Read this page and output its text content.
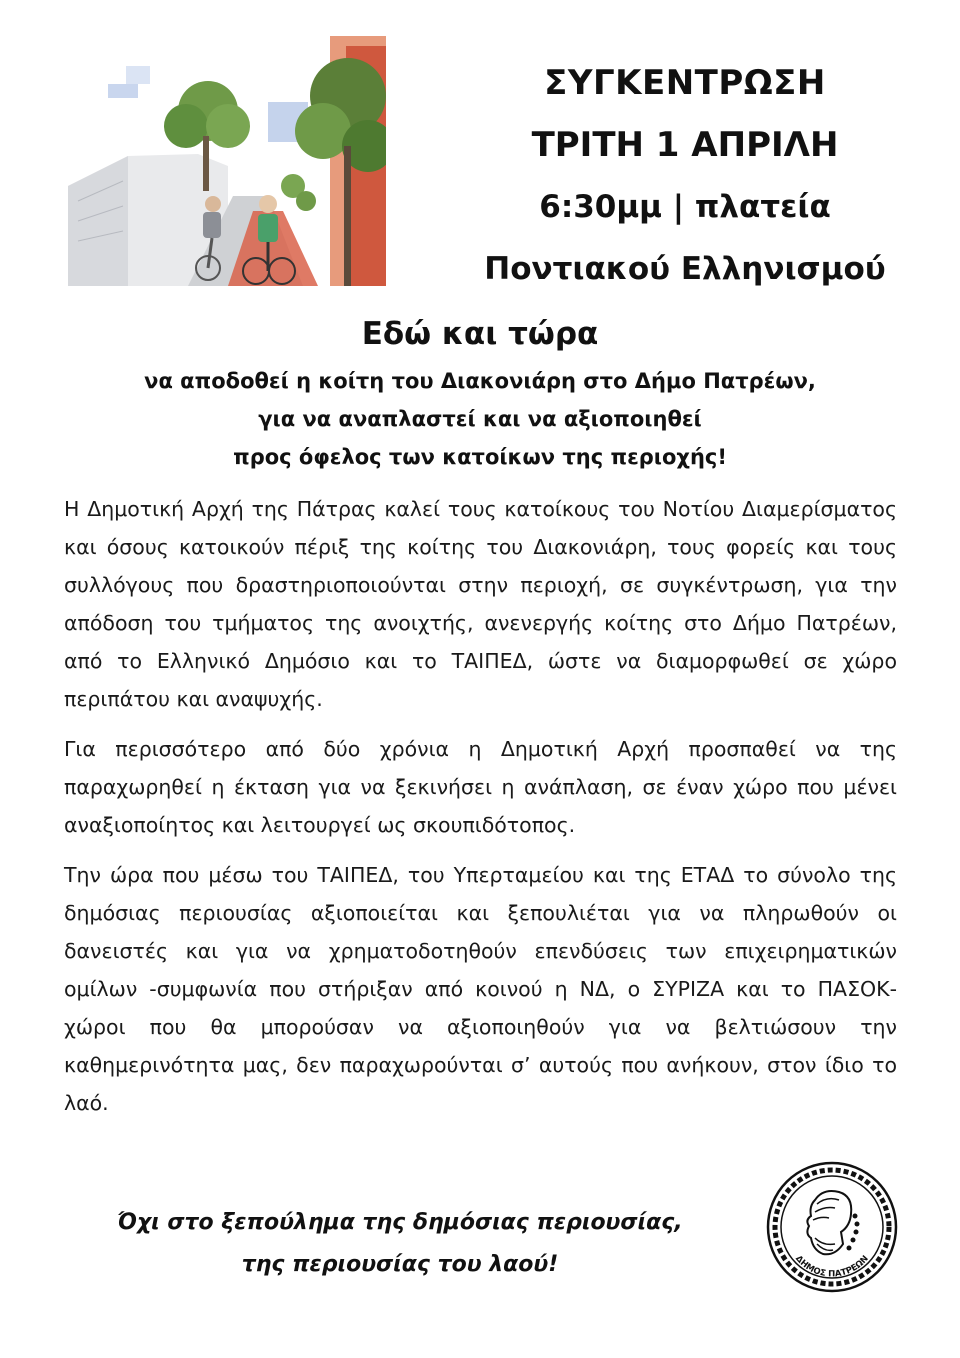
ΣΥΓΚΕΝΤΡΩΣΗ
ΤΡΙΤΗ 1 ΑΠΡΙΛΗ
6:30μμ | πλατεία
Ποντιακού Ελληνισμού
Εδώ και τώρα
να αποδοθεί η κοίτη του Διακονιάρη στο Δήμο Πατρέων,
για να αναπλαστεί και να αξιοποιηθεί
προς όφελος των κατοίκων της περιοχής!

Η Δημοτική Αρχή της Πάτρας καλεί τους κατοίκους του Νοτίου Διαμερίσματος και όσους κατοικούν πέριξ της κοίτης του Διακονιάρη, τους φορείς και τους συλλόγους που δραστηριοποιούνται στην περιοχή, σε συγκέντρωση, για την απόδοση του τμήματος της ανοιχτής, ανενεργής κοίτης στο Δήμο Πατρέων, από το Ελληνικό Δημόσιο και το ΤΑΙΠΕΔ, ώστε να διαμορφωθεί σε χώρο περιπάτου και αναψυχής.

Για περισσότερο από δύο χρόνια η Δημοτική Αρχή προσπαθεί να της παραχωρηθεί η έκταση για να ξεκινήσει η ανάπλαση, σε έναν χώρο που μένει αναξιοποίητος και λειτουργεί ως σκουπιδότοπος.

Την ώρα που μέσω του ΤΑΙΠΕΔ, του Υπερταμείου και της ΕΤΑΔ το σύνολο της δημόσιας περιουσίας αξιοποιείται και ξεπουλιέται για να πληρωθούν οι δανειστές και για να χρηματοδοτηθούν επενδύσεις των επιχειρηματικών ομίλων -συμφωνία που στήριξαν από κοινού η ΝΔ, ο ΣΥΡΙΖΑ και το ΠΑΣΟΚ- χώροι που θα μπορούσαν να αξιοποιηθούν για να βελτιώσουν την καθημερινότητα μας, δεν παραχωρούνται σ’ αυτούς που ανήκουν, στον ίδιο το λαό.

Όχι στο ξεπούλημα της δημόσιας περιουσίας,
της περιουσίας του λαού!	ΔΗΜΟΣ ΠΑΤΡΕΩΝ
